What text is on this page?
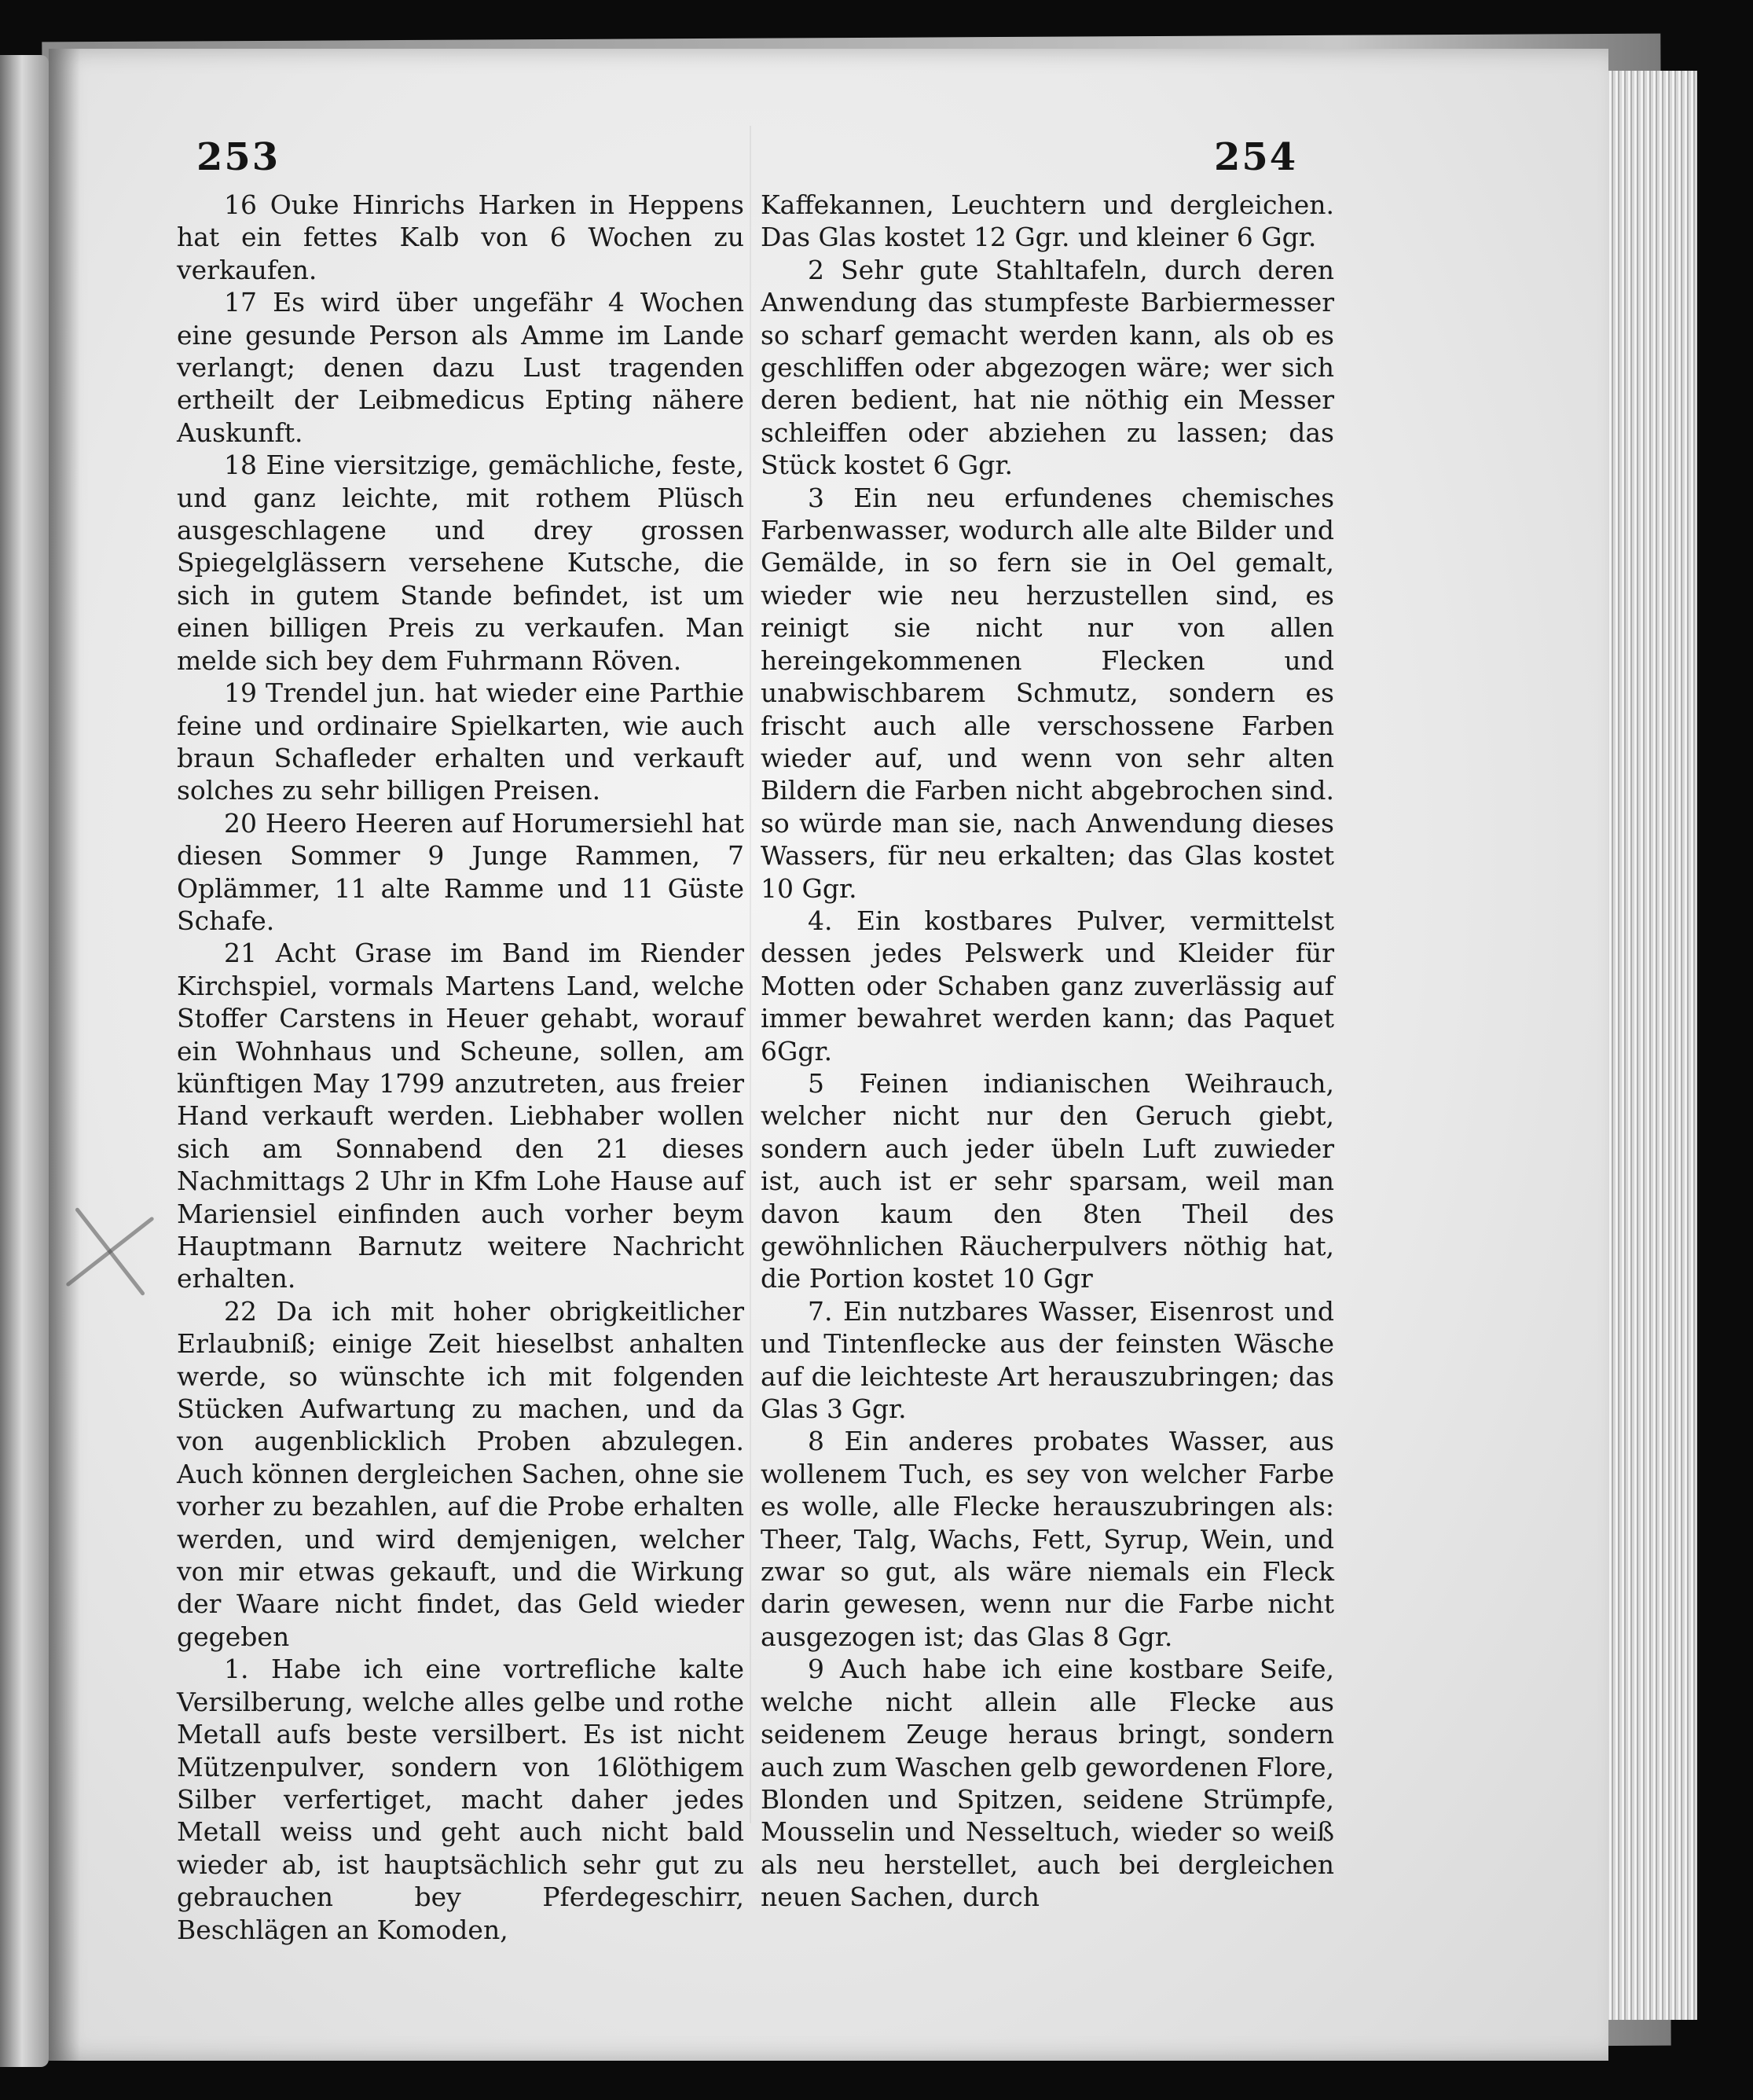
253	254

16 Ouke Hinrichs Harken in Heppens hat ein fettes Kalb von 6 Wochen zu verkaufen.

17 Es wird über ungefähr 4 Wochen eine gesunde Person als Amme im Lande verlangt; denen dazu Lust tragenden ertheilt der Leibmedicus Epting nähere Auskunft.

18 Eine viersitzige, gemächliche, feste, und ganz leichte, mit rothem Plüsch ausgeschlagene und drey grossen Spiegelglässern versehene Kutsche, die sich in gutem Stande befindet, ist um einen billigen Preis zu verkaufen. Man melde sich bey dem Fuhrmann Röven.

19 Trendel jun. hat wieder eine Parthie feine und ordinaire Spielkarten, wie auch braun Schafleder erhalten und verkauft solches zu sehr billigen Preisen.

20 Heero Heeren auf Horumersiehl hat diesen Sommer 9 Junge Rammen, 7 Oplämmer, 11 alte Ramme und 11 Güste Schafe.

21 Acht Grase im Band im Riender Kirchspiel, vormals Martens Land, welche Stoffer Carstens in Heuer gehabt, worauf ein Wohnhaus und Scheune, sollen, am künftigen May 1799 anzutreten, aus freier Hand verkauft werden. Liebhaber wollen sich am Sonnabend den 21 dieses Nachmittags 2 Uhr in Kfm Lohe Hause auf Mariensiel einfinden auch vorher beym Hauptmann Barnutz weitere Nachricht erhalten.

22 Da ich mit hoher obrigkeitlicher Erlaubniß; einige Zeit hieselbst anhalten werde, so wünschte ich mit folgenden Stücken Aufwartung zu machen, und da von augenblicklich Proben abzulegen. Auch können dergleichen Sachen, ohne sie vorher zu bezahlen, auf die Probe erhalten werden, und wird demjenigen, welcher von mir etwas gekauft, und die Wirkung der Waare nicht findet, das Geld wieder gegeben

1. Habe ich eine vortrefliche kalte Versilberung, welche alles gelbe und rothe Metall aufs beste versilbert. Es ist nicht Mützenpulver, sondern von 16löthigem Silber verfertiget, macht daher jedes Metall weiss und geht auch nicht bald wieder ab, ist hauptsächlich sehr gut zu gebrauchen bey Pferdegeschirr, Beschlägen an Komoden,

Kaffekannen, Leuchtern und dergleichen. Das Glas kostet 12 Ggr. und kleiner 6 Ggr.

2 Sehr gute Stahltafeln, durch deren Anwendung das stumpfeste Barbiermesser so scharf gemacht werden kann, als ob es geschliffen oder abgezogen wäre; wer sich deren bedient, hat nie nöthig ein Messer schleiffen oder abziehen zu lassen; das Stück kostet 6 Ggr.

3 Ein neu erfundenes chemisches Farbenwasser, wodurch alle alte Bilder und Gemälde, in so fern sie in Oel gemalt, wieder wie neu herzustellen sind, es reinigt sie nicht nur von allen hereingekommenen Flecken und unabwischbarem Schmutz, sondern es frischt auch alle verschossene Farben wieder auf, und wenn von sehr alten Bildern die Farben nicht abgebrochen sind. so würde man sie, nach Anwendung dieses Wassers, für neu erkalten; das Glas kostet 10 Ggr.

4. Ein kostbares Pulver, vermittelst dessen jedes Pelswerk und Kleider für Motten oder Schaben ganz zuverlässig auf immer bewahret werden kann; das Paquet 6Ggr.

5 Feinen indianischen Weihrauch, welcher nicht nur den Geruch giebt, sondern auch jeder übeln Luft zuwieder ist, auch ist er sehr sparsam, weil man davon kaum den 8ten Theil des gewöhnlichen Räucherpulvers nöthig hat, die Portion kostet 10 Ggr

7. Ein nutzbares Wasser, Eisenrost und und Tintenflecke aus der feinsten Wäsche auf die leichteste Art herauszubringen; das Glas 3 Ggr.

8 Ein anderes probates Wasser, aus wollenem Tuch, es sey von welcher Farbe es wolle, alle Flecke herauszubringen als: Theer, Talg, Wachs, Fett, Syrup, Wein, und zwar so gut, als wäre niemals ein Fleck darin gewesen, wenn nur die Farbe nicht ausgezogen ist; das Glas 8 Ggr.

9 Auch habe ich eine kostbare Seife, welche nicht allein alle Flecke aus seidenem Zeuge heraus bringt, sondern auch zum Waschen gelb gewordenen Flore, Blonden und Spitzen, seidene Strümpfe, Mousselin und Nesseltuch, wieder so weiß als neu herstellet, auch bei dergleichen neuen Sachen, durch
